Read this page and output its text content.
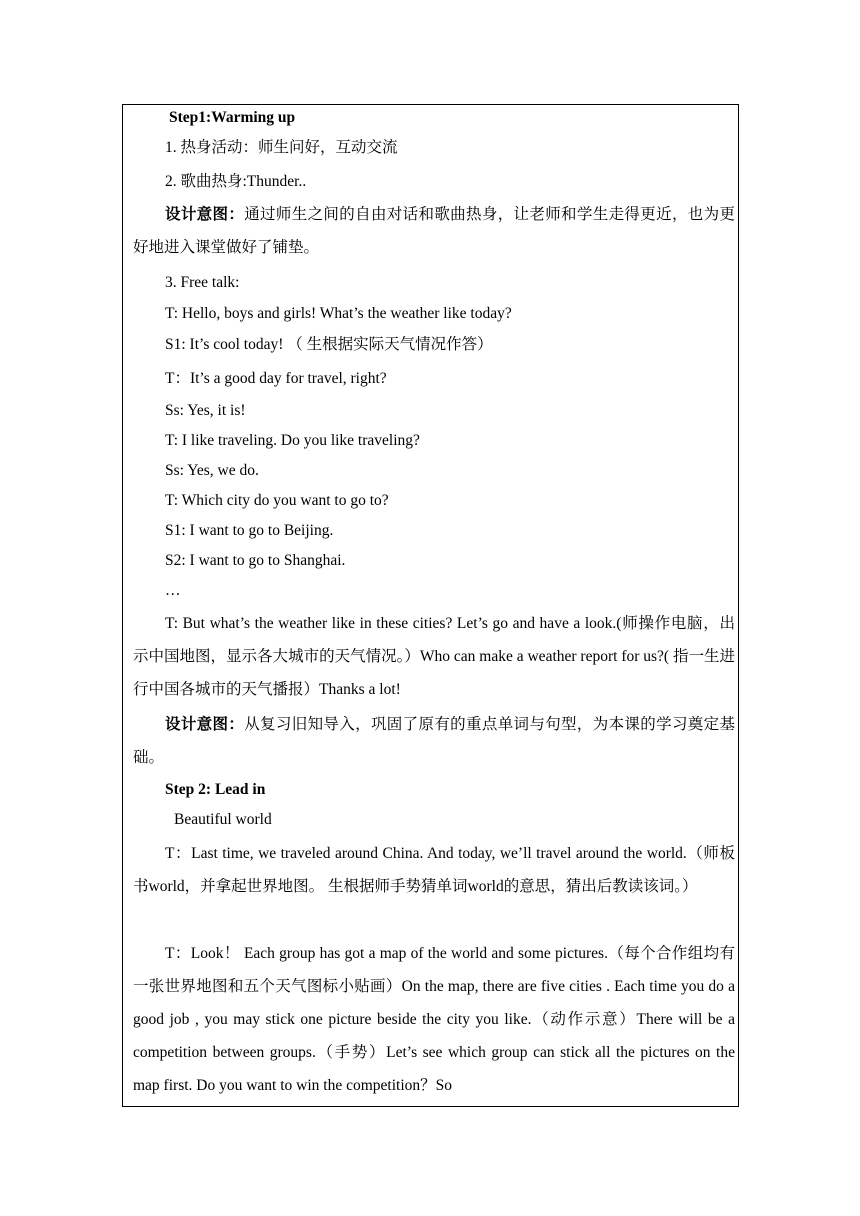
Step1:Warming up
1. 热身活动：师生问好，互动交流
2. 歌曲热身:Thunder..
设计意图：通过师生之间的自由对话和歌曲热身，让老师和学生走得更近，也为更好地进入课堂做好了铺垫。
3. Free talk:
T: Hello, boys and girls! What’s the weather like today?
S1: It’s cool today! （ 生根据实际天气情况作答）
T：It’s a good day for travel, right?
Ss: Yes, it is!
T: I like traveling. Do you like traveling?
Ss: Yes, we do.
T: Which city do you want to go to?
S1: I want to go to Beijing.
S2: I want to go to Shanghai.
…
T: But what’s the weather like in these cities? Let’s go and have a look.(师操作电脑，出示中国地图，显示各大城市的天气情况。）Who can make a weather report for us?( 指一生进行中国各城市的天气播报）Thanks a lot!
设计意图：从复习旧知导入，巩固了原有的重点单词与句型，为本课的学习奠定基础。
Step 2: Lead in
Beautiful world
T：Last time, we traveled around China. And today, we’ll travel around the world.（师板书world，并拿起世界地图。 生根据师手势猜单词world的意思，猜出后教读该词。）
T：Look！ Each group has got a map of the world and some pictures.（每个合作组均有一张世界地图和五个天气图标小贴画）On the map, there are five cities . Each time you do a good job , you may stick one picture beside the city you like.（动作示意）There will be a competition between groups.（手势）Let’s see which group can stick all the pictures on the map first. Do you want to win the competition？So
